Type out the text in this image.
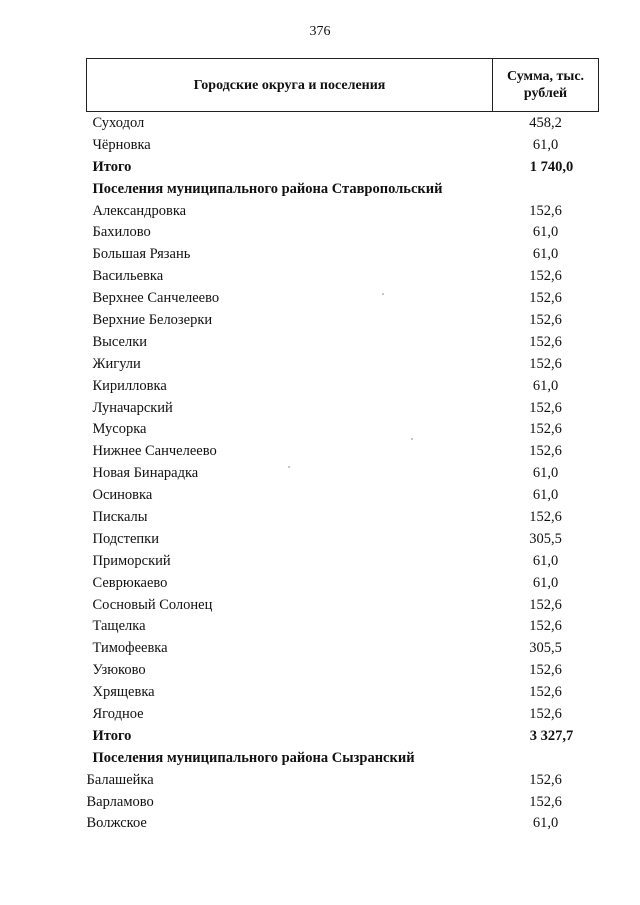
376
Городские округа и поселения	Сумма, тыс. рублей
Суходол	458,2
Чёрновка	61,0
Итого	1 740,0
Поселения муниципального района Ставропольский	
Александровка	152,6
Бахилово	61,0
Большая Рязань	61,0
Васильевка	152,6
Верхнее Санчелеево	152,6
Верхние Белозерки	152,6
Выселки	152,6
Жигули	152,6
Кирилловка	61,0
Луначарский	152,6
Мусорка	152,6
Нижнее Санчелеево	152,6
Новая Бинарадка	61,0
Осиновка	61,0
Пискалы	152,6
Подстепки	305,5
Приморский	61,0
Севрюкаево	61,0
Сосновый Солонец	152,6
Тащелка	152,6
Тимофеевка	305,5
Узюково	152,6
Хрящевка	152,6
Ягодное	152,6
Итого	3 327,7
Поселения муниципального района Сызранский	
Балашейка	152,6
Варламово	152,6
Волжское	61,0
